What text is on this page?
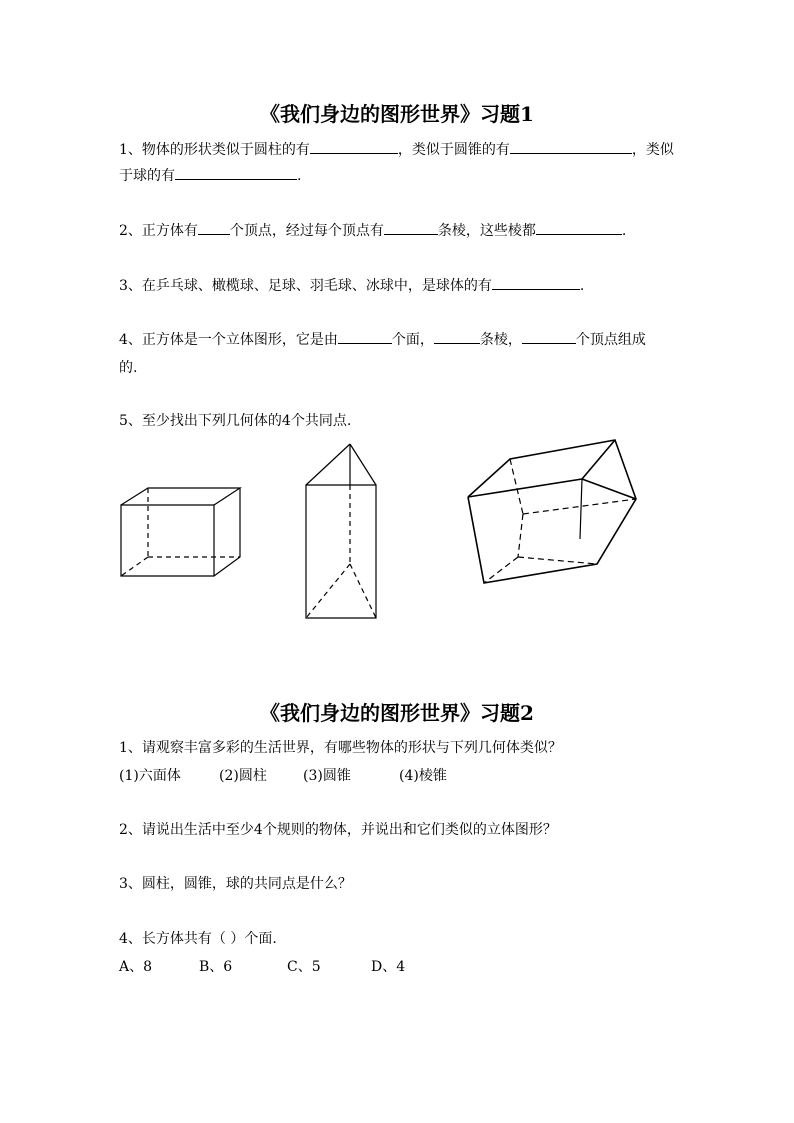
《我们身边的图形世界》习题1
1、物体的形状类似于圆柱的有	，类似于圆锥的有	，类似
于球的有	.
2、正方体有 个顶点，经过每个顶点有	条棱，这些棱都	.
3、在乒乓球、橄榄球、足球、羽毛球、冰球中，是球体的有	.
4、正方体是一个立体图形，它是由	个面，	条棱，	个顶点组成
的.
5、至少找出下列几何体的4个共同点.
《我们身边的图形世界》习题2
1、请观察丰富多彩的生活世界，有哪些物体的形状与下列几何体类似？
(1)六面体	(2)圆柱	(3)圆锥	(4)棱锥
2、请说出生活中至少4个规则的物体，并说出和它们类似的立体图形？
3、圆柱，圆锥，球的共同点是什么？
4、长方体共有（ ）个面.
A、8	B、6	C、5	D、4
